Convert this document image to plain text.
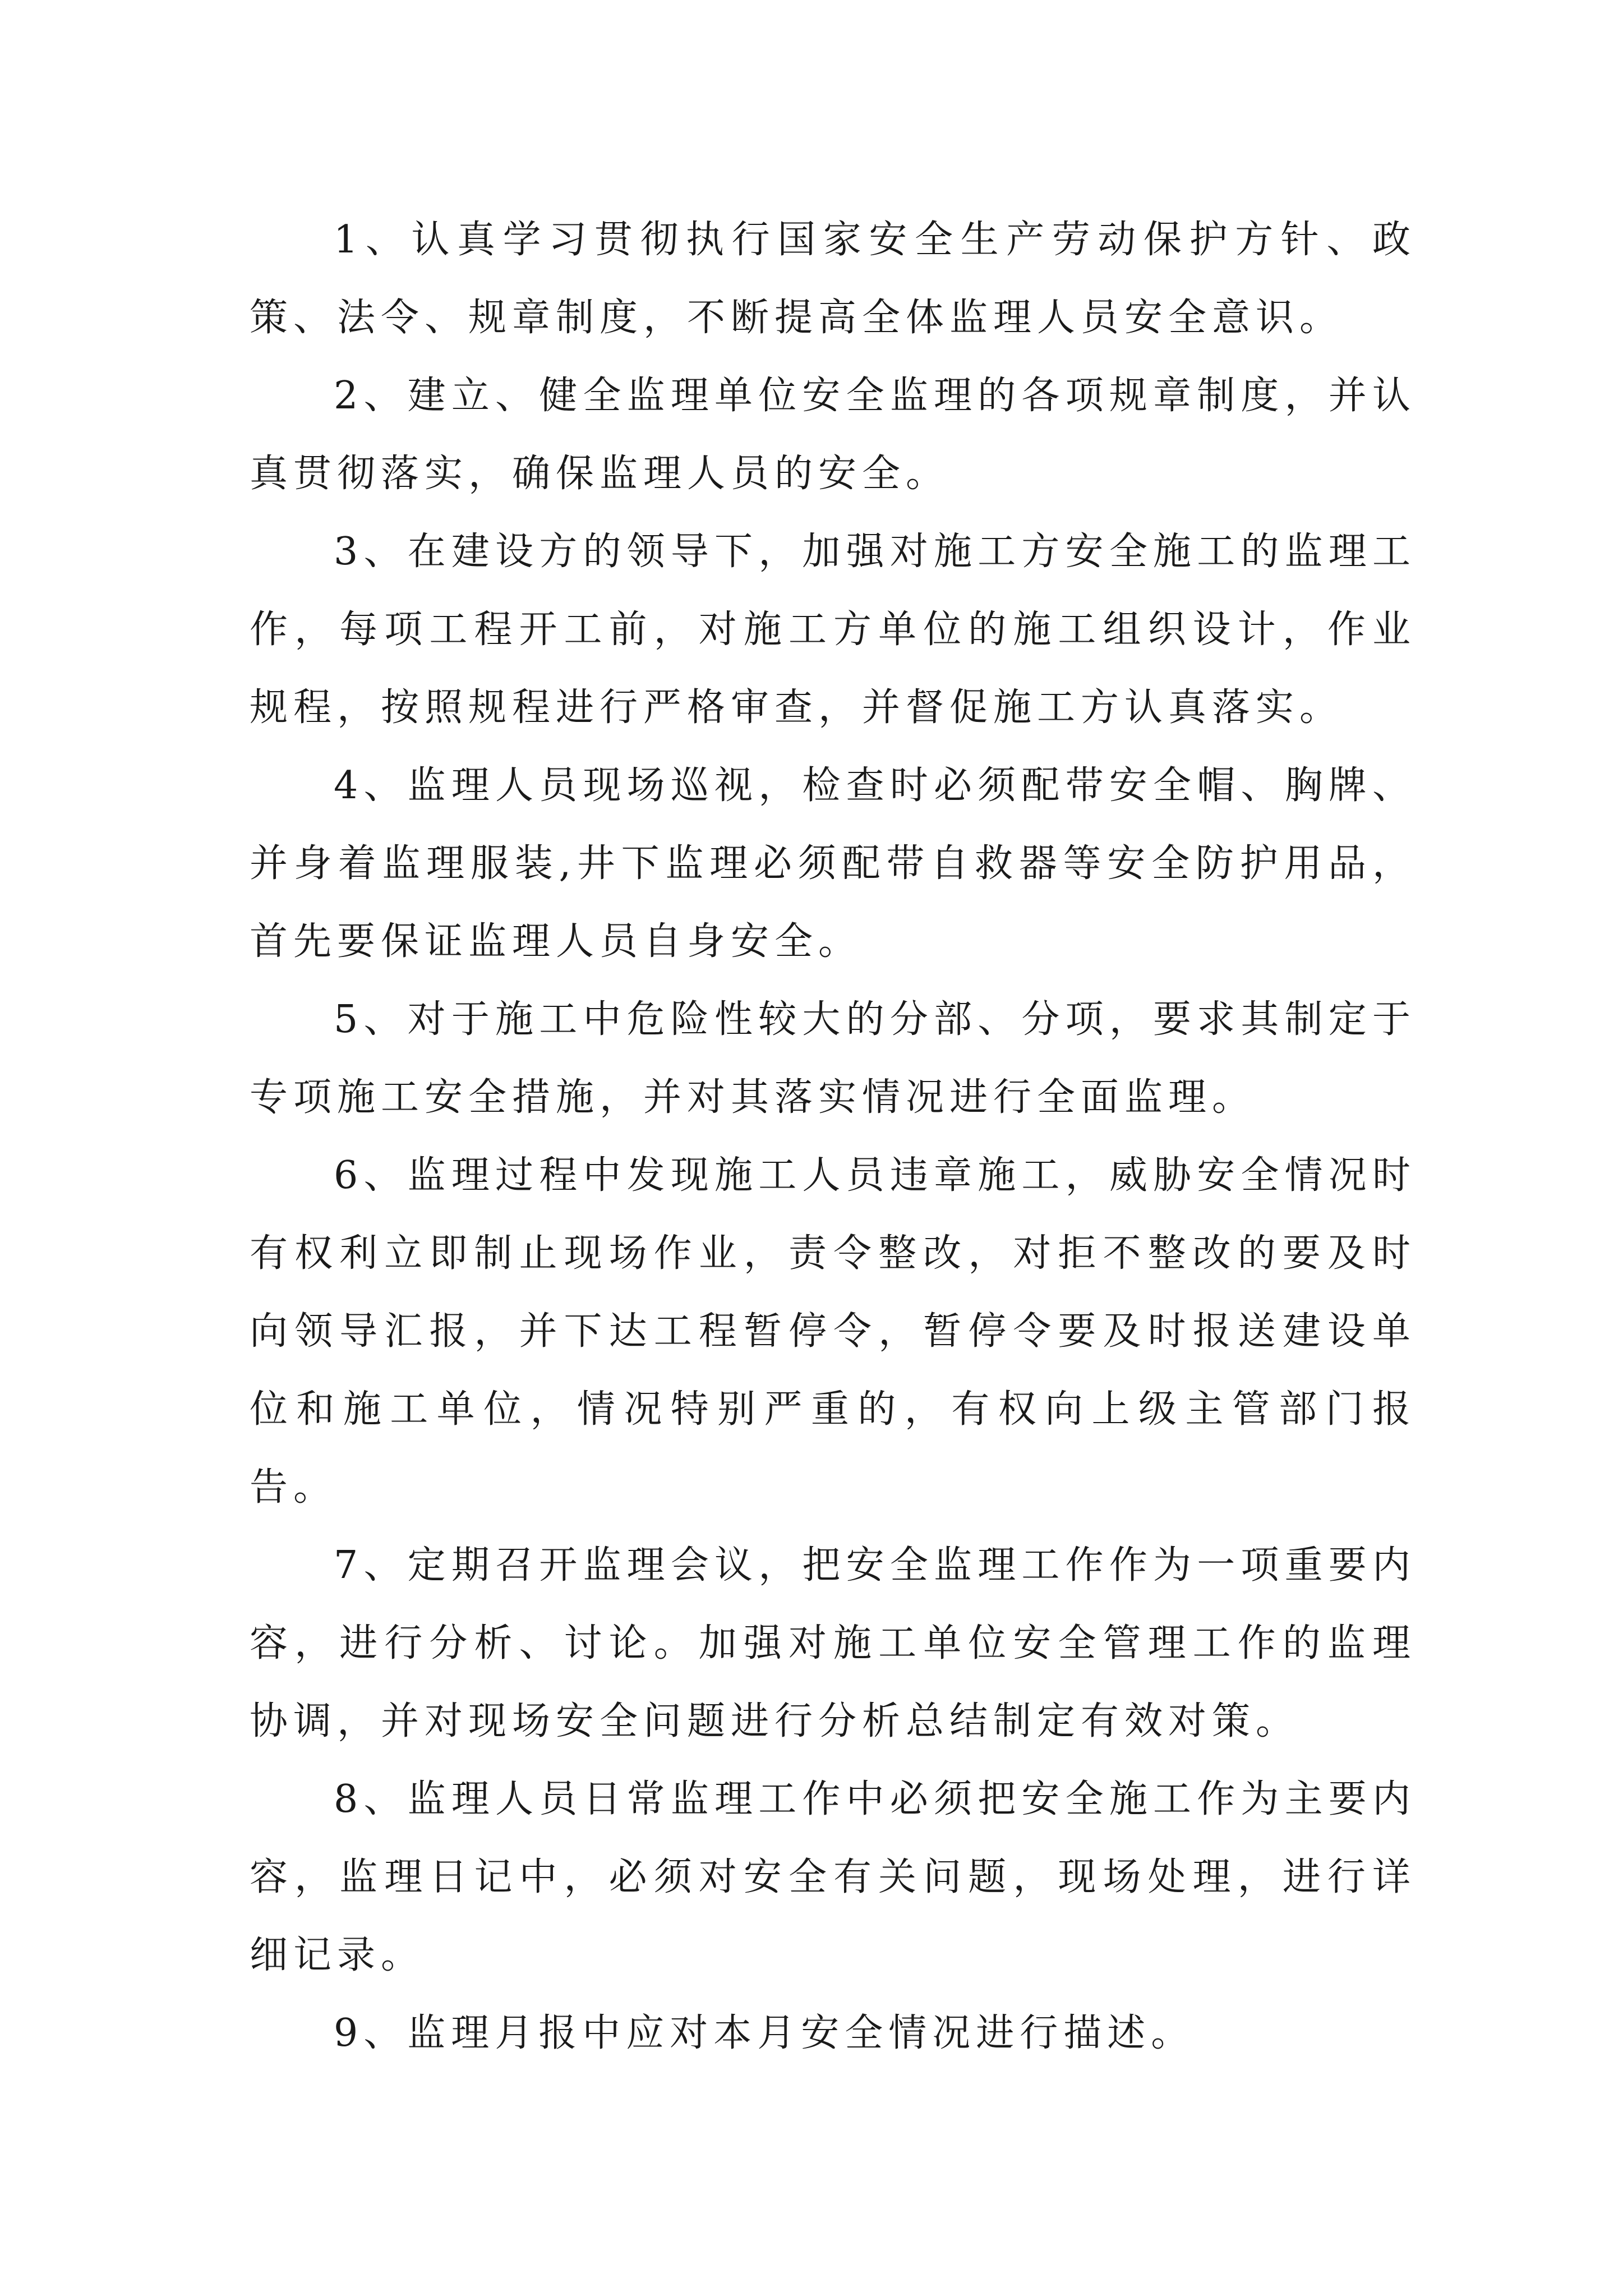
1、认真学习贯彻执行国家安全生产劳动保护方针、政策、法令、规章制度，不断提高全体监理人员安全意识。

2、建立、健全监理单位安全监理的各项规章制度，并认真贯彻落实，确保监理人员的安全。

3、在建设方的领导下，加强对施工方安全施工的监理工作，每项工程开工前，对施工方单位的施工组织设计，作业规程，按照规程进行严格审查，并督促施工方认真落实。

4、监理人员现场巡视，检查时必须配带安全帽、胸牌、并身着监理服装,井下监理必须配带自救器等安全防护用品，首先要保证监理人员自身安全。

5、对于施工中危险性较大的分部、分项，要求其制定于专项施工安全措施，并对其落实情况进行全面监理。

6、监理过程中发现施工人员违章施工，威胁安全情况时有权利立即制止现场作业，责令整改，对拒不整改的要及时向领导汇报，并下达工程暂停令，暂停令要及时报送建设单位和施工单位，情况特别严重的，有权向上级主管部门报告。

7、定期召开监理会议，把安全监理工作作为一项重要内容，进行分析、讨论。加强对施工单位安全管理工作的监理协调，并对现场安全问题进行分析总结制定有效对策。

8、监理人员日常监理工作中必须把安全施工作为主要内容，监理日记中，必须对安全有关问题，现场处理，进行详细记录。

9、监理月报中应对本月安全情况进行描述。
